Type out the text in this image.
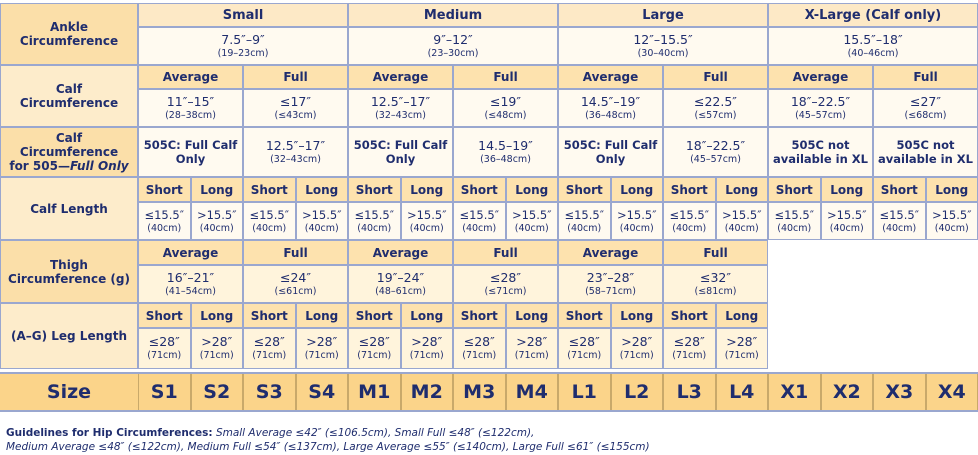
Ankle Circumference
Small
7.5″–9″
(19–23cm)
Medium
9″–12″
(23–30cm)
Large
12″–15.5″
(30–40cm)
X-Large (Calf only)
15.5″–18″
(40–46cm)
Calf Circumference
Average
11″–15″
(28–38cm)
Full
≤17″
(≤43cm)
Average
12.5″–17″
(32–43cm)
Full
≤19″
(≤48cm)
Average
14.5″–19″
(36–48cm)
Full
≤22.5″
(≤57cm)
Average
18″–22.5″
(45–57cm)
Full
≤27″
(≤68cm)
Calf
Circumference
for 505—Full Only
505C: Full Calf Only
12.5″–17″
(32–43cm)
505C: Full Calf Only
14.5–19″
(36–48cm)
505C: Full Calf Only
18″–22.5″
(45–57cm)
505C not available in XL
505C not available in XL
Calf Length
Short
≤15.5″
(40cm)
Long
>15.5″
(40cm)
Short
≤15.5″
(40cm)
Long
>15.5″
(40cm)
Short
≤15.5″
(40cm)
Long
>15.5″
(40cm)
Short
≤15.5″
(40cm)
Long
>15.5″
(40cm)
Short
≤15.5″
(40cm)
Long
>15.5″
(40cm)
Short
≤15.5″
(40cm)
Long
>15.5″
(40cm)
Short
≤15.5″
(40cm)
Long
>15.5″
(40cm)
Short
≤15.5″
(40cm)
Long
>15.5″
(40cm)
Thigh Circumference (g)
Average
16″–21″
(41–54cm)
Full
≤24″
(≤61cm)
Average
19″–24″
(48–61cm)
Full
≤28″
(≤71cm)
Average
23″–28″
(58–71cm)
Full
≤32″
(≤81cm)
(A–G) Leg Length
Short
≤28″
(71cm)
Long
>28″
(71cm)
Short
≤28″
(71cm)
Long
>28″
(71cm)
Short
≤28″
(71cm)
Long
>28″
(71cm)
Short
≤28″
(71cm)
Long
>28″
(71cm)
Short
≤28″
(71cm)
Long
>28″
(71cm)
Short
≤28″
(71cm)
Long
>28″
(71cm)
Size	S1 S2 S3 S4 M1 M2 M3 M4 L1 L2 L3 L4 X1 X2 X3 X4
Guidelines for Hip Circumferences: Small Average ≤42″ (≤106.5cm), Small Full ≤48″ (≤122cm),
Medium Average ≤48″ (≤122cm), Medium Full ≤54″ (≤137cm), Large Average ≤55″ (≤140cm), Large Full ≤61″ (≤155cm)
